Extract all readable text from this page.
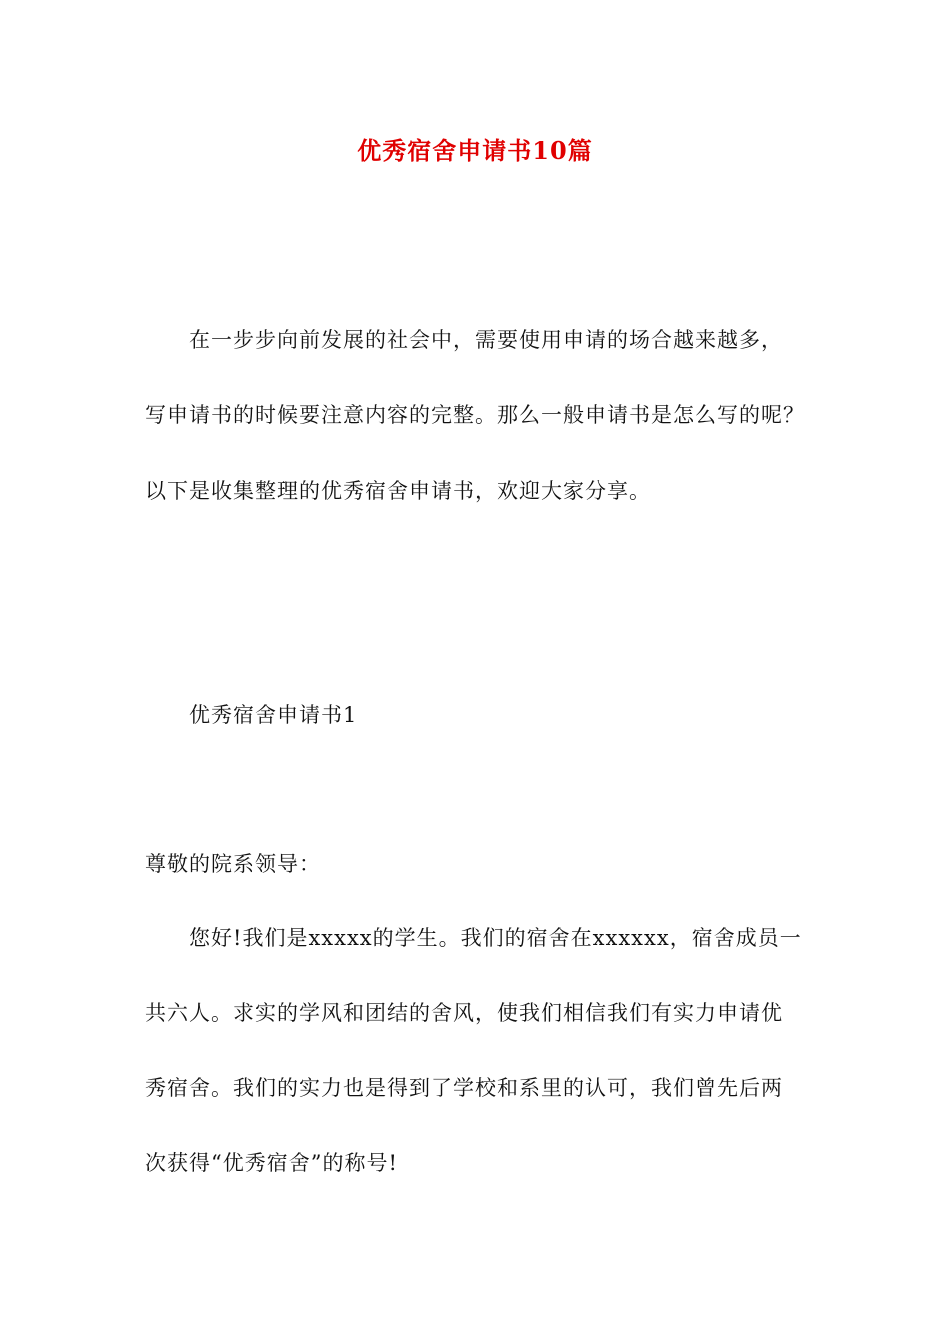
优秀宿舍申请书10篇
在一步步向前发展的社会中，需要使用申请的场合越来越多，
写申请书的时候要注意内容的完整。那么一般申请书是怎么写的呢？
以下是收集整理的优秀宿舍申请书，欢迎大家分享。
优秀宿舍申请书1
尊敬的院系领导：
您好!我们是xxxxx的学生。我们的宿舍在xxxxxx，宿舍成员一
共六人。求实的学风和团结的舍风，使我们相信我们有实力申请优
秀宿舍。我们的实力也是得到了学校和系里的认可，我们曾先后两
次获得“优秀宿舍”的称号!
